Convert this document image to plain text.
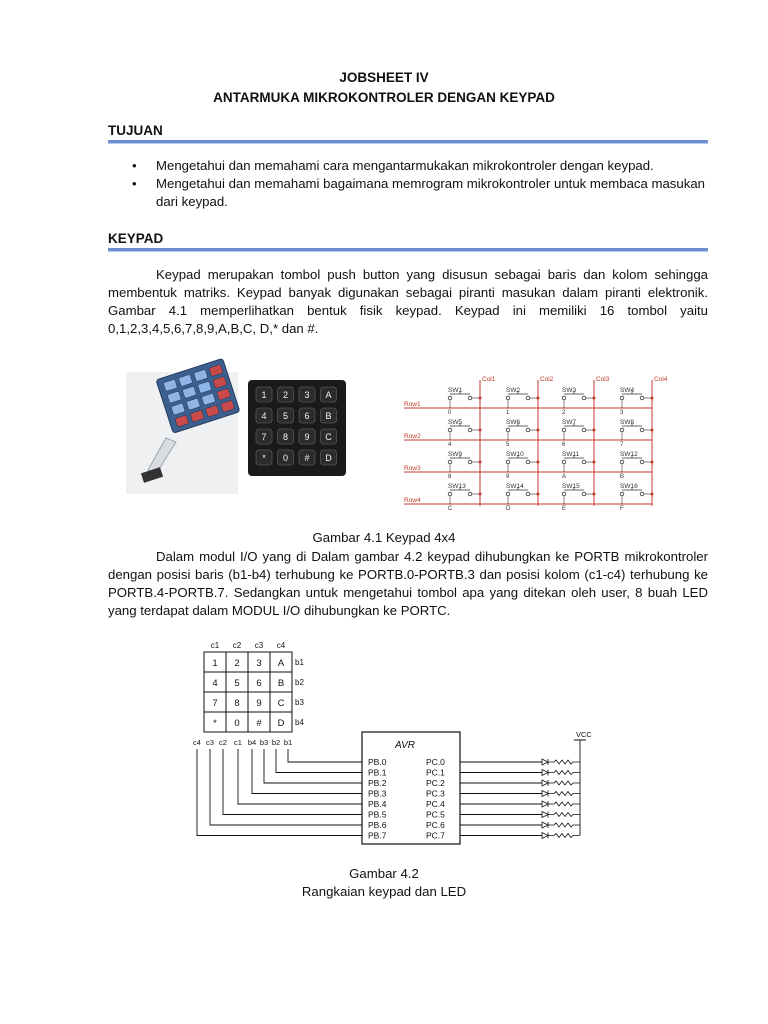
JOBSHEET IV
ANTARMUKA MIKROKONTROLER DENGAN KEYPAD
TUJUAN
• Mengetahui dan memahami cara mengantarmukakan mikrokontroler dengan keypad.
• Mengetahui dan memahami bagaimana memrogram mikrokontroler untuk membaca masukan dari keypad.
KEYPAD

Keypad merupakan tombol push button yang disusun sebagai baris dan kolom sehingga membentuk matriks. Keypad banyak digunakan sebagai piranti masukan dalam piranti elektronik. Gambar 4.1 memperlihatkan bentuk fisik keypad. Keypad ini memiliki 16 tombol yaitu 0,1,2,3,4,5,6,7,8,9,A,B,C, D,* dan #.

1 2 3 A
4 5 6 B
7 8 9 C
* 0 # D
Col1	Col2	Col3	Col4
Row1
SW1
0
SW2
1
SW3
2
SW4
3
Row2
SW5
4
SW6
5
SW7
6
SW8
7
Row3
SW9
8
SW10
9
SW11
A
SW12
B
Row4
SW13
C
SW14
D
SW15
E
SW16
F
Gambar 4.1 Keypad 4x4

Dalam modul I/O yang di Dalam gambar 4.2 keypad dihubungkan ke PORTB mikrokontroler dengan posisi baris (b1-b4) terhubung ke PORTB.0-PORTB.3 dan posisi kolom (c1-c4) terhubung ke PORTB.4-PORTB.7. Sedangkan untuk mengetahui tombol apa yang ditekan oleh user, 8 buah LED yang terdapat dalam MODUL I/O dihubungkan ke PORTC.

c1 c2 c3 c4
b1
1 2 3 A
b2
4 5 6 B
b3
7 8 9 C
b4
* 0 # D
c4 c3 c2 c1 b4 b3 b2 b1	AVR
PB.0	PC.0
PB.1	PC.1
PB.2	PC.2
PB.3	PC.3
PB.4	PC.4
PB.5	PC.5
PB.6	PC.6
PB.7	PC.7
VCC
Gambar 4.2
Rangkaian keypad dan LED
